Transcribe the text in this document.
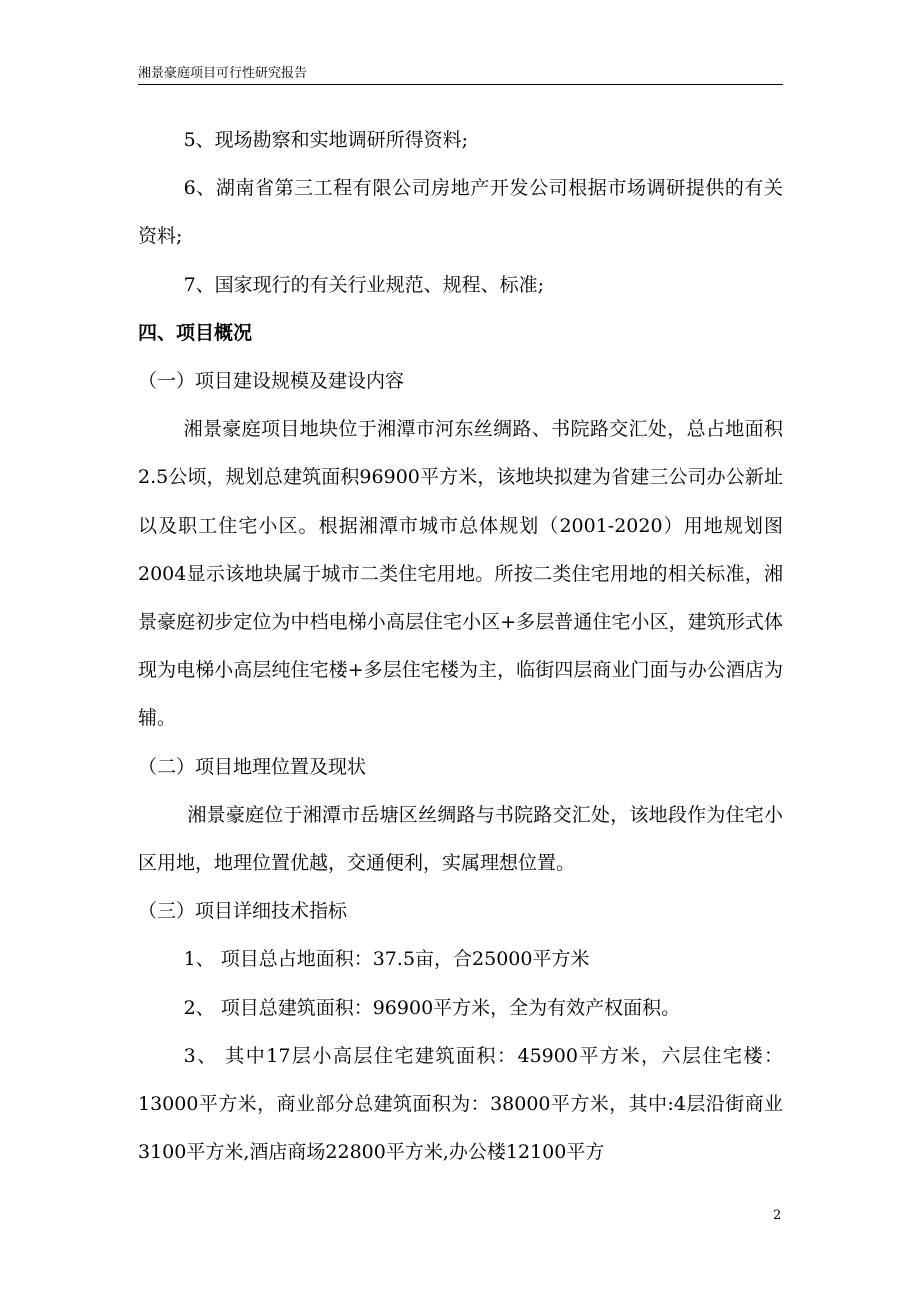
湘景豪庭项目可行性研究报告

5、现场勘察和实地调研所得资料;

6、湖南省第三工程有限公司房地产开发公司根据市场调研提供的有关资料;

7、国家现行的有关行业规范、规程、标准;

四、项目概况

（一）项目建设规模及建设内容

湘景豪庭项目地块位于湘潭市河东丝绸路、书院路交汇处，总占地面积2.5公顷，规划总建筑面积96900平方米，该地块拟建为省建三公司办公新址以及职工住宅小区。根据湘潭市城市总体规划（2001-2020）用地规划图2004显示该地块属于城市二类住宅用地。所按二类住宅用地的相关标准，湘景豪庭初步定位为中档电梯小高层住宅小区+多层普通住宅小区，建筑形式体现为电梯小高层纯住宅楼+多层住宅楼为主，临街四层商业门面与办公酒店为辅。

（二）项目地理位置及现状

湘景豪庭位于湘潭市岳塘区丝绸路与书院路交汇处，该地段作为住宅小区用地，地理位置优越，交通便利，实属理想位置。

（三）项目详细技术指标

1、 项目总占地面积：37.5亩，合25000平方米

2、 项目总建筑面积：96900平方米，全为有效产权面积。

3、 其中17层小高层住宅建筑面积：45900平方米，六层住宅楼：13000平方米，商业部分总建筑面积为：38000平方米，其中:4层沿街商业3100平方米,酒店商场22800平方米,办公楼12100平方

2
